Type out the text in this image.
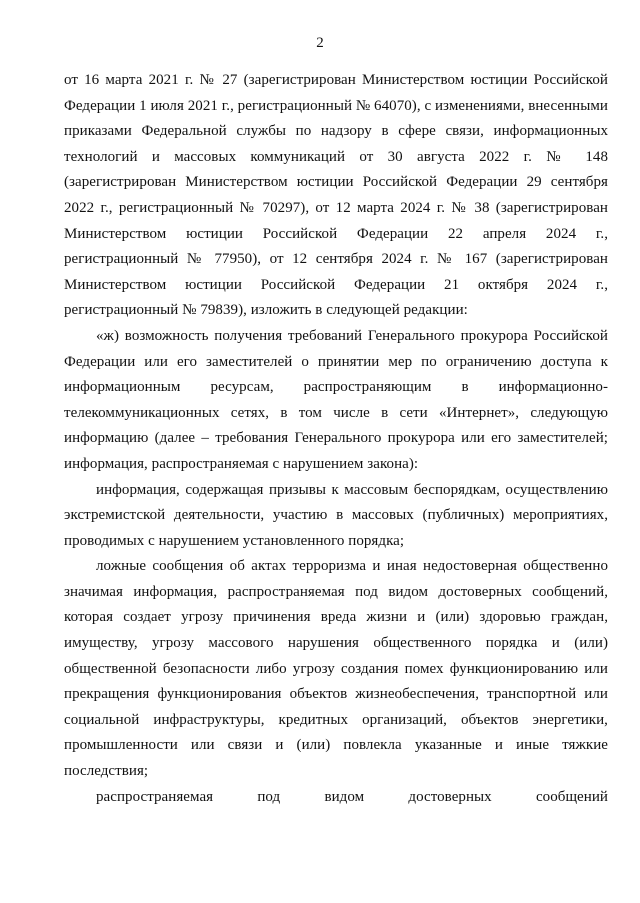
2

от 16 марта 2021 г. № 27 (зарегистрирован Министерством юстиции Российской Федерации 1 июля 2021 г., регистрационный № 64070), с изменениями, внесенными приказами Федеральной службы по надзору в сфере связи, информационных технологий и массовых коммуникаций от 30 августа 2022 г. № 148 (зарегистрирован Министерством юстиции Российской Федерации 29 сентября 2022 г., регистрационный № 70297), от 12 марта 2024 г. № 38 (зарегистрирован Министерством юстиции Российской Федерации 22 апреля 2024 г., регистрационный № 77950), от 12 сентября 2024 г. № 167 (зарегистрирован Министерством юстиции Российской Федерации 21 октября 2024 г., регистрационный № 79839), изложить в следующей редакции:

«ж) возможность получения требований Генерального прокурора Российской Федерации или его заместителей о принятии мер по ограничению доступа к информационным ресурсам, распространяющим в информационно-телекоммуникационных сетях, в том числе в сети «Интернет», следующую информацию (далее – требования Генерального прокурора или его заместителей; информация, распространяемая с нарушением закона):

информация, содержащая призывы к массовым беспорядкам, осуществлению экстремистской деятельности, участию в массовых (публичных) мероприятиях, проводимых с нарушением установленного порядка;

ложные сообщения об актах терроризма и иная недостоверная общественно значимая информация, распространяемая под видом достоверных сообщений, которая создает угрозу причинения вреда жизни и (или) здоровью граждан, имуществу, угрозу массового нарушения общественного порядка и (или) общественной безопасности либо угрозу создания помех функционированию или прекращения функционирования объектов жизнеобеспечения, транспортной или социальной инфраструктуры, кредитных организаций, объектов энергетики, промышленности или связи и (или) повлекла указанные и иные тяжкие последствия;

распространяемая под видом достоверных сообщений
